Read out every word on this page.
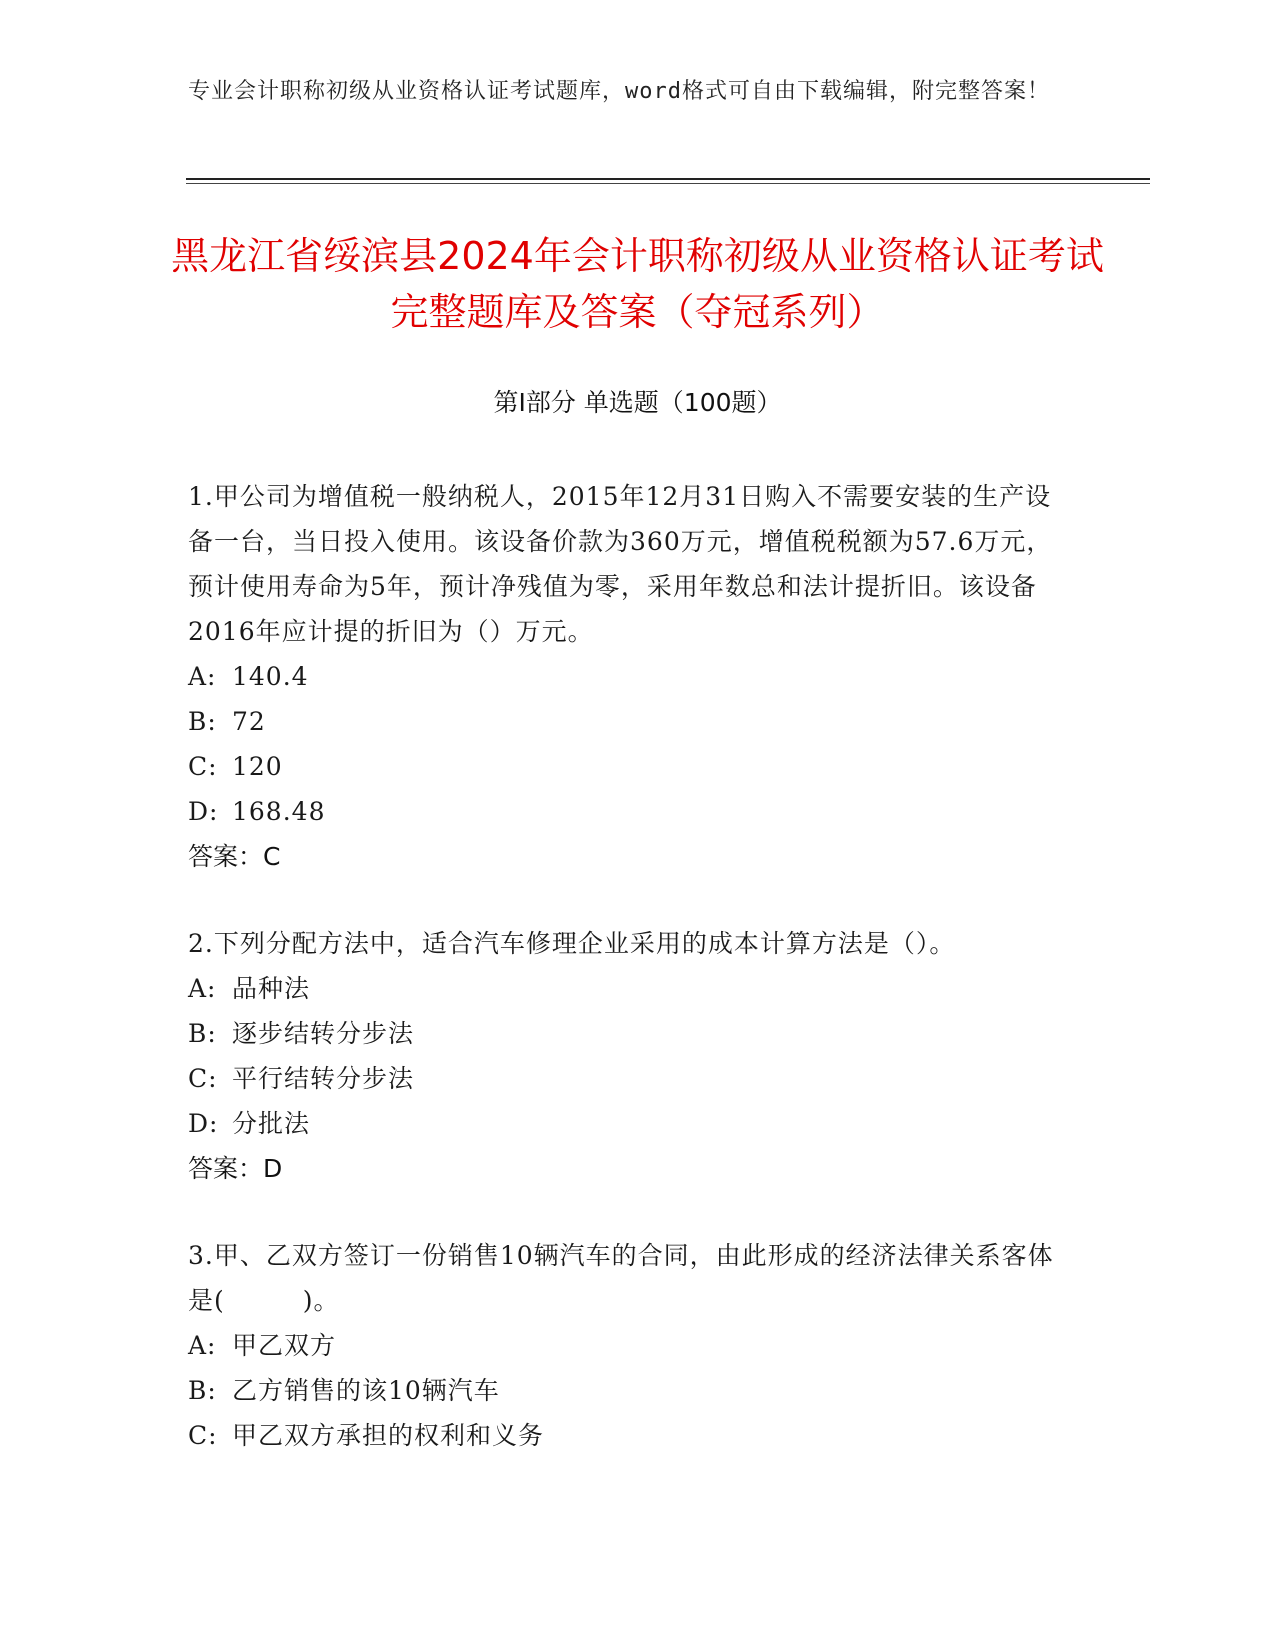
专业会计职称初级从业资格认证考试题库，word格式可自由下载编辑，附完整答案！
黑龙江省绥滨县2024年会计职称初级从业资格认证考试完整题库及答案（夺冠系列）
第Ⅰ部分 单选题（100题）
1.甲公司为增值税一般纳税人，2015年12月31日购入不需要安装的生产设备一台，当日投入使用。该设备价款为360万元，增值税税额为57.6万元，预计使用寿命为5年，预计净残值为零，采用年数总和法计提折旧。该设备2016年应计提的折旧为（）万元。
A: 140.4
B: 72
C: 120
D: 168.48
答案：C
2.下列分配方法中，适合汽车修理企业采用的成本计算方法是（）。
A: 品种法
B: 逐步结转分步法
C: 平行结转分步法
D: 分批法
答案：D
3.甲、乙双方签订一份销售10辆汽车的合同，由此形成的经济法律关系客体是(　　　)。
A: 甲乙双方
B: 乙方销售的该10辆汽车
C: 甲乙双方承担的权利和义务
